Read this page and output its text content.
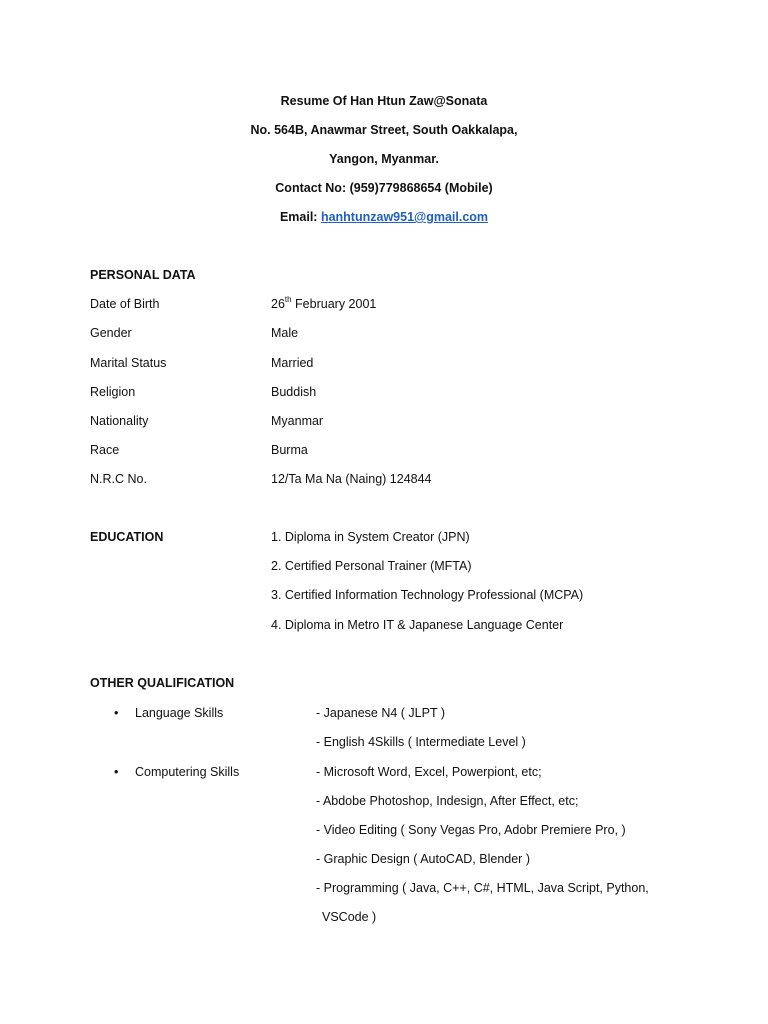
Resume Of Han Htun Zaw@Sonata
No. 564B, Anawmar Street, South Oakkalapa,
Yangon, Myanmar.
Contact No: (959)779868654 (Mobile)
Email: hanhtunzaw951@gmail.com
PERSONAL DATA
Date of Birth	26th February 2001
Gender	Male
Marital Status	Married
Religion	Buddish
Nationality	Myanmar
Race	Burma
N.R.C No.	12/Ta Ma Na (Naing) 124844
EDUCATION	1. Diploma in System Creator (JPN)
2. Certified Personal Trainer (MFTA)
3. Certified Information Technology Professional (MCPA)
4. Diploma in Metro IT & Japanese Language Center
OTHER QUALIFICATION
• Language Skills	- Japanese N4 ( JLPT )
- English 4Skills ( Intermediate Level )
• Computering Skills	- Microsoft Word, Excel, Powerpiont, etc;
- Abdobe Photoshop, Indesign, After Effect, etc;
- Video Editing ( Sony Vegas Pro, Adobr Premiere Pro, )
- Graphic Design ( AutoCAD, Blender )
- Programming ( Java, C++, C#, HTML, Java Script, Python,
VSCode )
